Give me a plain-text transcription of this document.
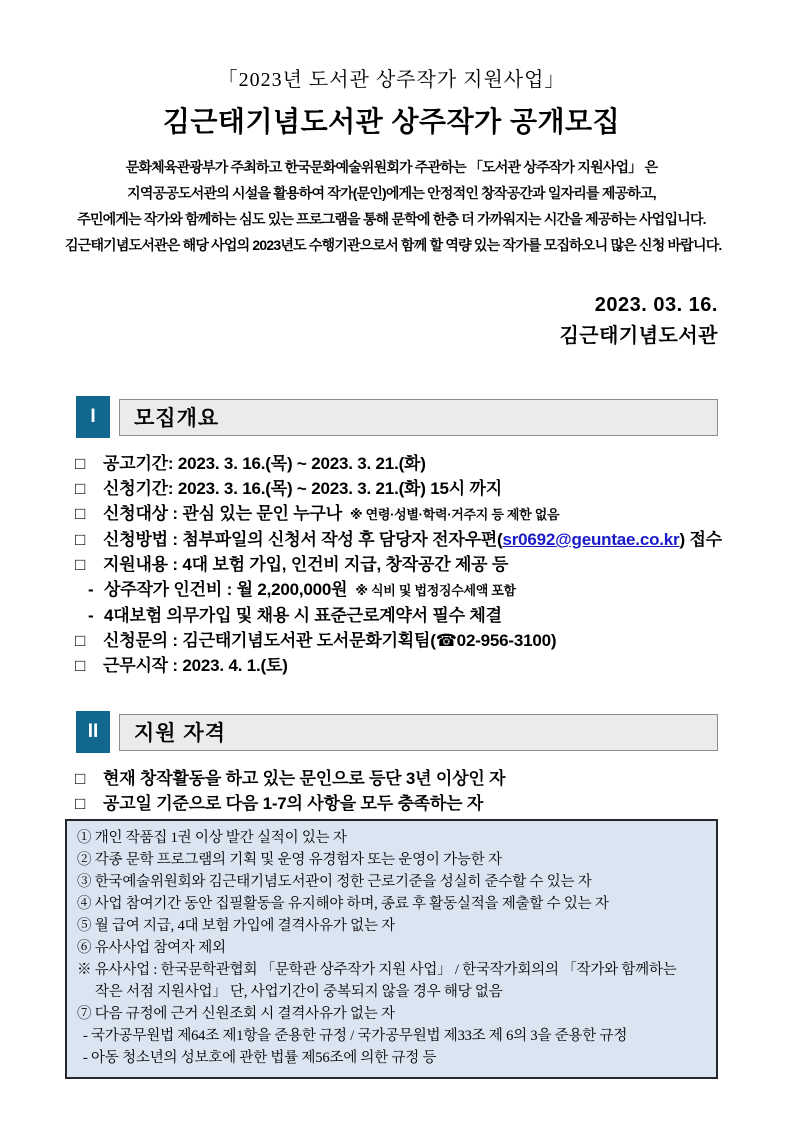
「2023년 도서관 상주작가 지원사업」
김근태기념도서관 상주작가 공개모집
문화체육관광부가 주최하고 한국문화예술위원회가 주관하는 「도서관 상주작가 지원사업」 은
지역공공도서관의 시설을 활용하여 작가(문인)에게는 안정적인 창작공간과 일자리를 제공하고,
주민에게는 작가와 함께하는 심도 있는 프로그램을 통해 문학에 한층 더 가까워지는 시간을 제공하는 사업입니다.
김근태기념도서관은 해당 사업의 2023년도 수행기관으로서 함께 할 역량 있는 작가를 모집하오니 많은 신청 바랍니다.
2023. 03. 16.
김근태기념도서관
I	모집개요
□ 공고기간: 2023. 3. 16.(목) ~ 2023. 3. 21.(화)
□ 신청기간: 2023. 3. 16.(목) ~ 2023. 3. 21.(화) 15시 까지
□ 신청대상 : 관심 있는 문인 누구나 ※ 연령·성별·학력·거주지 등 제한 없음
□ 신청방법 : 첨부파일의 신청서 작성 후 담당자 전자우편(sr0692@geuntae.co.kr) 접수
□ 지원내용 : 4대 보험 가입, 인건비 지급, 창작공간 제공 등
- 상주작가 인건비 : 월 2,200,000원 ※ 식비 및 법정징수세액 포함
- 4대보험 의무가입 및 채용 시 표준근로계약서 필수 체결
□ 신청문의 : 김근태기념도서관 도서문화기획팀(☎02-956-3100)
□ 근무시작 : 2023. 4. 1.(토)
II	지원 자격
□ 현재 창작활동을 하고 있는 문인으로 등단 3년 이상인 자
□ 공고일 기준으로 다음 1-7의 사항을 모두 충족하는 자
① 개인 작품집 1권 이상 발간 실적이 있는 자
② 각종 문학 프로그램의 기획 및 운영 유경험자 또는 운영이 가능한 자
③ 한국예술위원회와 김근태기념도서관이 정한 근로기준을 성실히 준수할 수 있는 자
④ 사업 참여기간 동안 집필활동을 유지해야 하며, 종료 후 활동실적을 제출할 수 있는 자
⑤ 월 급여 지급, 4대 보험 가입에 결격사유가 없는 자
⑥ 유사사업 참여자 제외
※ 유사사업 : 한국문학관협회 「문학관 상주작가 지원 사업」 / 한국작가회의의 「작가와 함께하는 작은 서점 지원사업」 단, 사업기간이 중복되지 않을 경우 해당 없음
⑦ 다음 규정에 근거 신원조회 시 결격사유가 없는 자
- 국가공무원법 제64조 제1항을 준용한 규정 / 국가공무원법 제33조 제 6의 3을 준용한 규정
- 아동 청소년의 성보호에 관한 법률 제56조에 의한 규정 등
